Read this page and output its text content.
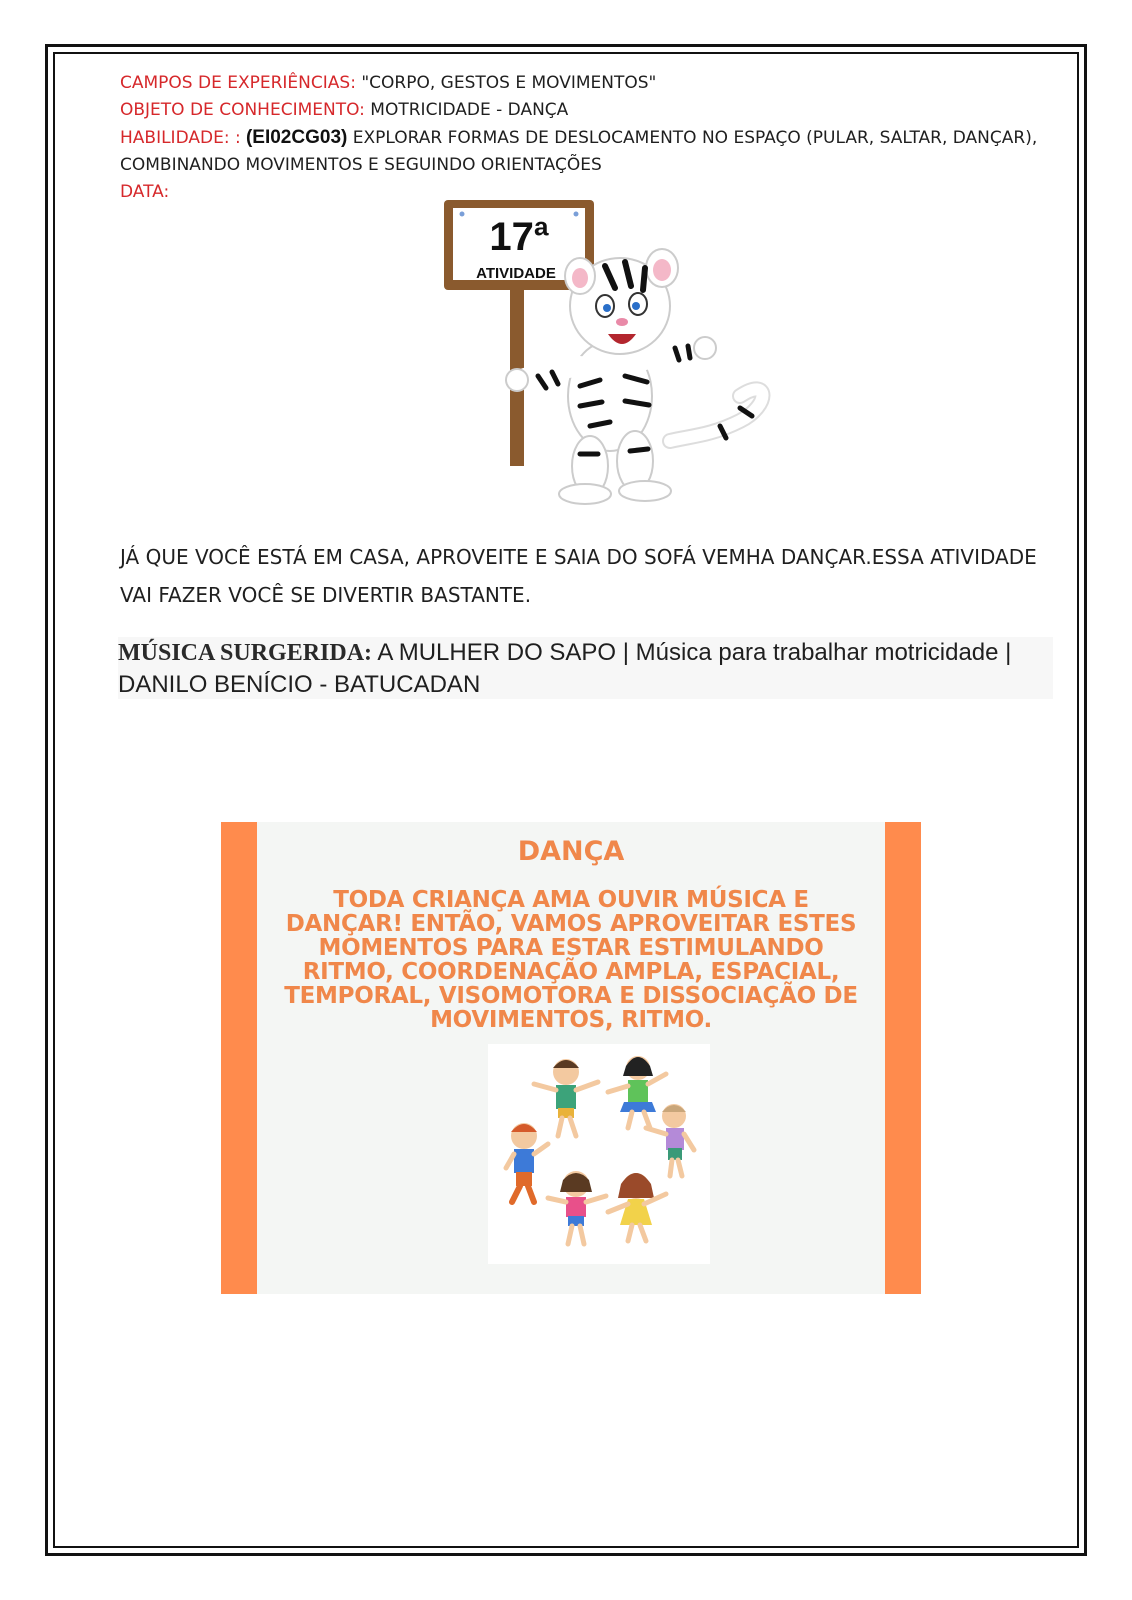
CAMPOS DE EXPERIÊNCIAS: "CORPO, GESTOS E MOVIMENTOS"
OBJETO DE CONHECIMENTO: MOTRICIDADE - DANÇA
HABILIDADE: : (EI02CG03) EXPLORAR FORMAS DE DESLOCAMENTO NO ESPAÇO (PULAR, SALTAR, DANÇAR), COMBINANDO MOVIMENTOS E SEGUINDO ORIENTAÇÕES
DATA:
17ª
ATIVIDADE
JÁ QUE VOCÊ ESTÁ EM CASA, APROVEITE E SAIA DO SOFÁ VEMHA DANÇAR.ESSA ATIVIDADE VAI FAZER VOCÊ SE DIVERTIR BASTANTE.
MÚSICA SURGERIDA: A MULHER DO SAPO | Música para trabalhar motricidade | DANILO BENÍCIO - BATUCADAN
DANÇA
TODA CRIANÇA AMA OUVIR MÚSICA E
DANÇAR! ENTÃO, VAMOS APROVEITAR ESTES
MOMENTOS PARA ESTAR ESTIMULANDO
RITMO, COORDENAÇÃO AMPLA, ESPACIAL,
TEMPORAL, VISOMOTORA E DISSOCIAÇÃO DE
MOVIMENTOS, RITMO.
